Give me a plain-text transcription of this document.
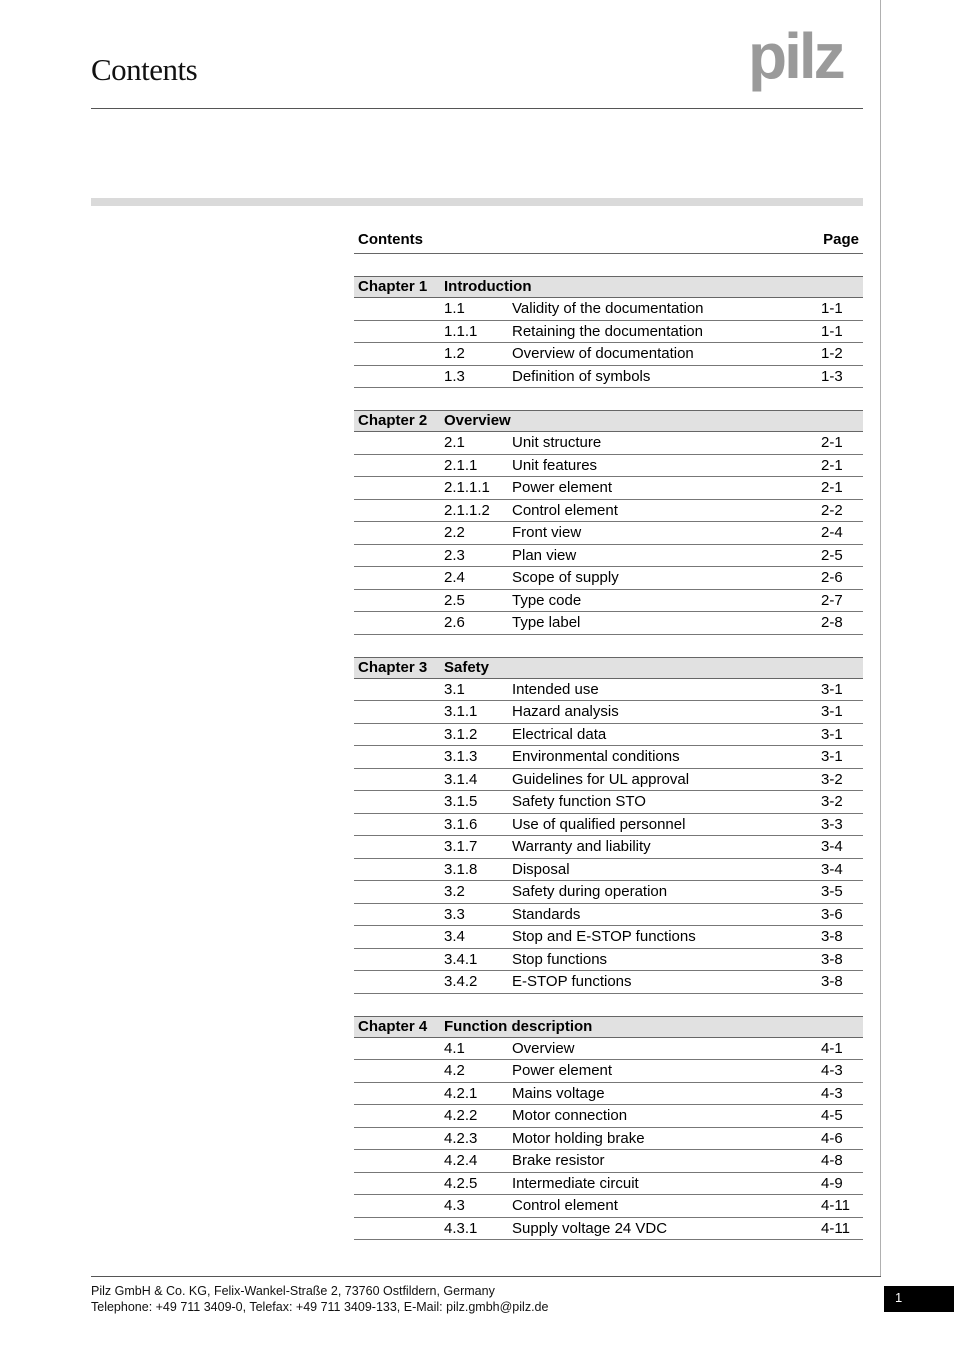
Contents	pilz
Contents	Page
Chapter 1	Introduction
1.1	Validity of the documentation	1-1
1.1.1	Retaining the documentation	1-1
1.2	Overview of documentation	1-2
1.3	Definition of symbols	1-3
Chapter 2	Overview
2.1	Unit structure	2-1
2.1.1	Unit features	2-1
2.1.1.1	Power element	2-1
2.1.1.2	Control element	2-2
2.2	Front view	2-4
2.3	Plan view	2-5
2.4	Scope of supply	2-6
2.5	Type code	2-7
2.6	Type label	2-8
Chapter 3	Safety
3.1	Intended use	3-1
3.1.1	Hazard analysis	3-1
3.1.2	Electrical data	3-1
3.1.3	Environmental conditions	3-1
3.1.4	Guidelines for UL approval	3-2
3.1.5	Safety function STO	3-2
3.1.6	Use of qualified personnel	3-3
3.1.7	Warranty and liability	3-4
3.1.8	Disposal	3-4
3.2	Safety during operation	3-5
3.3	Standards	3-6
3.4	Stop and E-STOP functions	3-8
3.4.1	Stop functions	3-8
3.4.2	E-STOP functions	3-8
Chapter 4	Function description
4.1	Overview	4-1
4.2	Power element	4-3
4.2.1	Mains voltage	4-3
4.2.2	Motor connection	4-5
4.2.3	Motor holding brake	4-6
4.2.4	Brake resistor	4-8
4.2.5	Intermediate circuit	4-9
4.3	Control element	4-11
4.3.1	Supply voltage 24 VDC	4-11
Pilz GmbH & Co. KG, Felix-Wankel-Straße 2, 73760 Ostfildern, Germany
Telephone: +49 711 3409-0, Telefax: +49 711 3409-133, E-Mail: pilz.gmbh@pilz.de
1
